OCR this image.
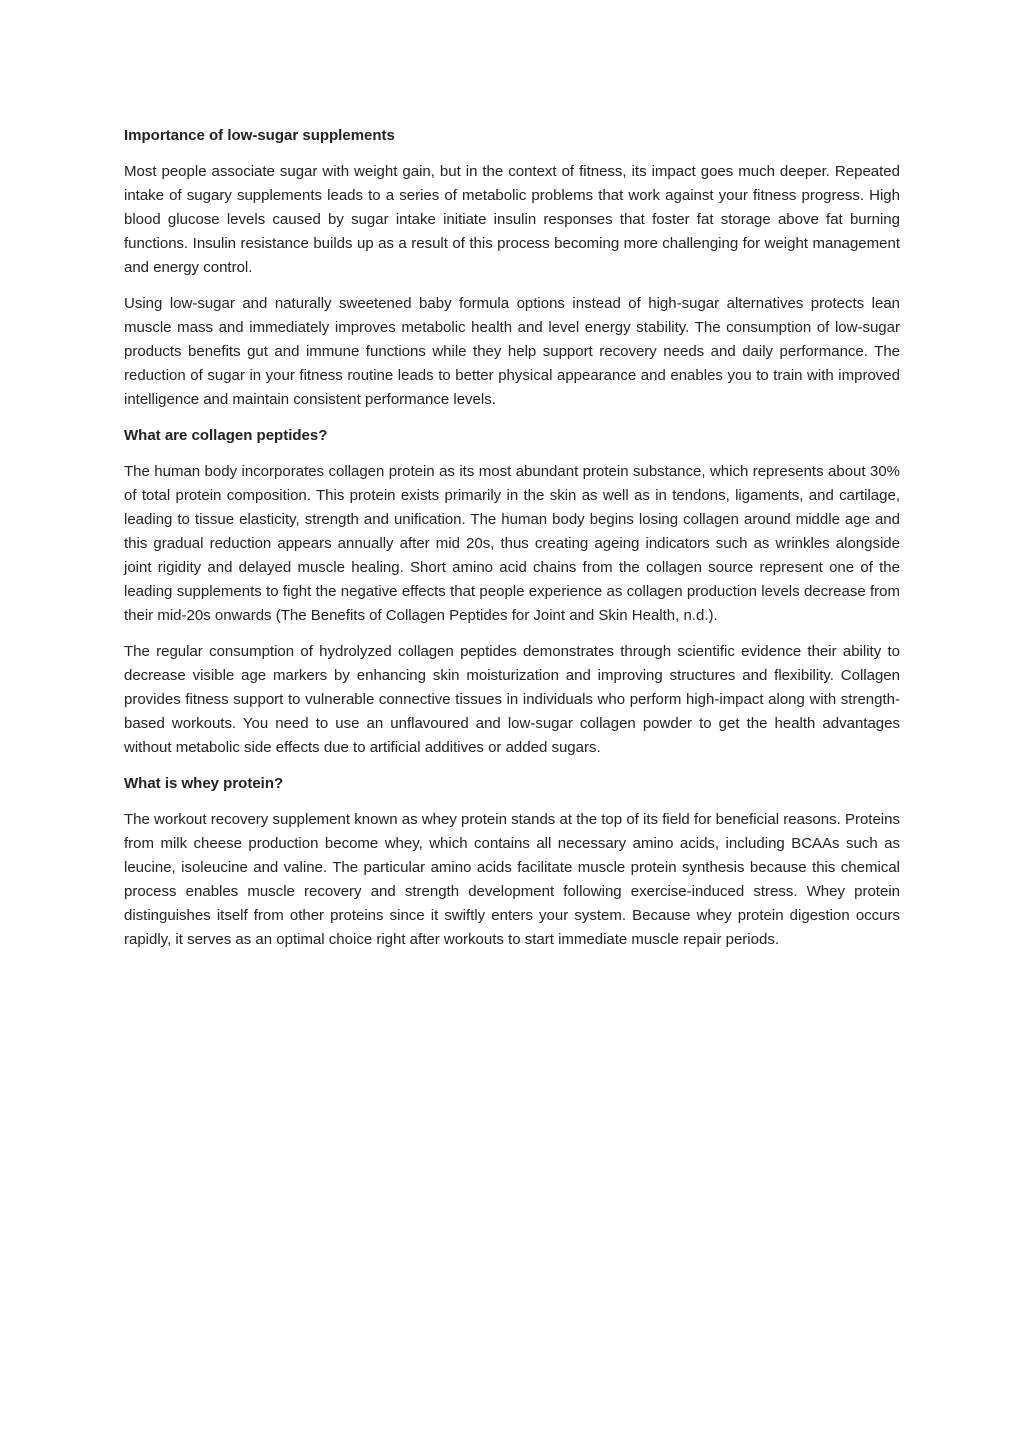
Importance of low-sugar supplements

Most people associate sugar with weight gain, but in the context of fitness, its impact goes much deeper. Repeated intake of sugary supplements leads to a series of metabolic problems that work against your fitness progress. High blood glucose levels caused by sugar intake initiate insulin responses that foster fat storage above fat burning functions. Insulin resistance builds up as a result of this process becoming more challenging for weight management and energy control.

Using low-sugar and naturally sweetened baby formula options instead of high-sugar alternatives protects lean muscle mass and immediately improves metabolic health and level energy stability. The consumption of low-sugar products benefits gut and immune functions while they help support recovery needs and daily performance. The reduction of sugar in your fitness routine leads to better physical appearance and enables you to train with improved intelligence and maintain consistent performance levels.

What are collagen peptides?

The human body incorporates collagen protein as its most abundant protein substance, which represents about 30% of total protein composition. This protein exists primarily in the skin as well as in tendons, ligaments, and cartilage, leading to tissue elasticity, strength and unification. The human body begins losing collagen around middle age and this gradual reduction appears annually after mid 20s, thus creating ageing indicators such as wrinkles alongside joint rigidity and delayed muscle healing. Short amino acid chains from the collagen source represent one of the leading supplements to fight the negative effects that people experience as collagen production levels decrease from their mid-20s onwards (The Benefits of Collagen Peptides for Joint and Skin Health, n.d.).

The regular consumption of hydrolyzed collagen peptides demonstrates through scientific evidence their ability to decrease visible age markers by enhancing skin moisturization and improving structures and flexibility. Collagen provides fitness support to vulnerable connective tissues in individuals who perform high-impact along with strength-based workouts. You need to use an unflavoured and low-sugar collagen powder to get the health advantages without metabolic side effects due to artificial additives or added sugars.

What is whey protein?

The workout recovery supplement known as whey protein stands at the top of its field for beneficial reasons. Proteins from milk cheese production become whey, which contains all necessary amino acids, including BCAAs such as leucine, isoleucine and valine. The particular amino acids facilitate muscle protein synthesis because this chemical process enables muscle recovery and strength development following exercise-induced stress. Whey protein distinguishes itself from other proteins since it swiftly enters your system. Because whey protein digestion occurs rapidly, it serves as an optimal choice right after workouts to start immediate muscle repair periods.
